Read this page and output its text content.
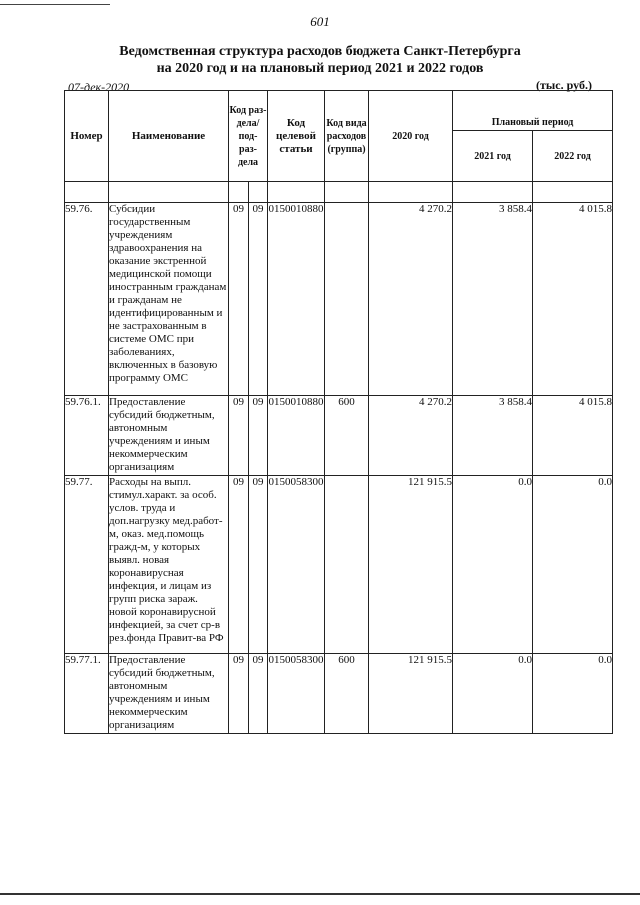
601
Ведомственная структура расходов бюджета Санкт-Петербурга
на 2020 год и на плановый период 2021 и 2022 годов
07-дек-2020	(тыс. руб.)
Номер	Наименование	Код раз- дела/ под- раз- дела		Код целевой статьи	Код вида расходов (группа)	2020 год	Плановый период	
							2021 год	2022 год

59.76.	Субсидии государственным учреждениям здравоохранения на оказание экстренной медицинской помощи иностранным гражданам и гражданам не идентифицированным и не застрахованным в системе ОМС при заболеваниях, включенных в базовую программу ОМС	09	09	0150010880		4 270.2	3 858.4	4 015.8
59.76.1.	Предоставление субсидий бюджетным, автономным учреждениям и иным некоммерческим организациям	09	09	0150010880	600	4 270.2	3 858.4	4 015.8
59.77.	Расходы на выпл. стимул.характ. за особ. услов. труда и доп.нагрузку мед.работ-м, оказ. мед.помощь гражд-м, у которых выявл. новая коронавирусная инфекция, и лицам из групп риска зараж. новой коронавирусной инфекцией, за счет ср-в рез.фонда Правит-ва РФ	09	09	0150058300		121 915.5	0.0	0.0
59.77.1.	Предоставление субсидий бюджетным, автономным учреждениям и иным некоммерческим организациям	09	09	0150058300	600	121 915.5	0.0	0.0
